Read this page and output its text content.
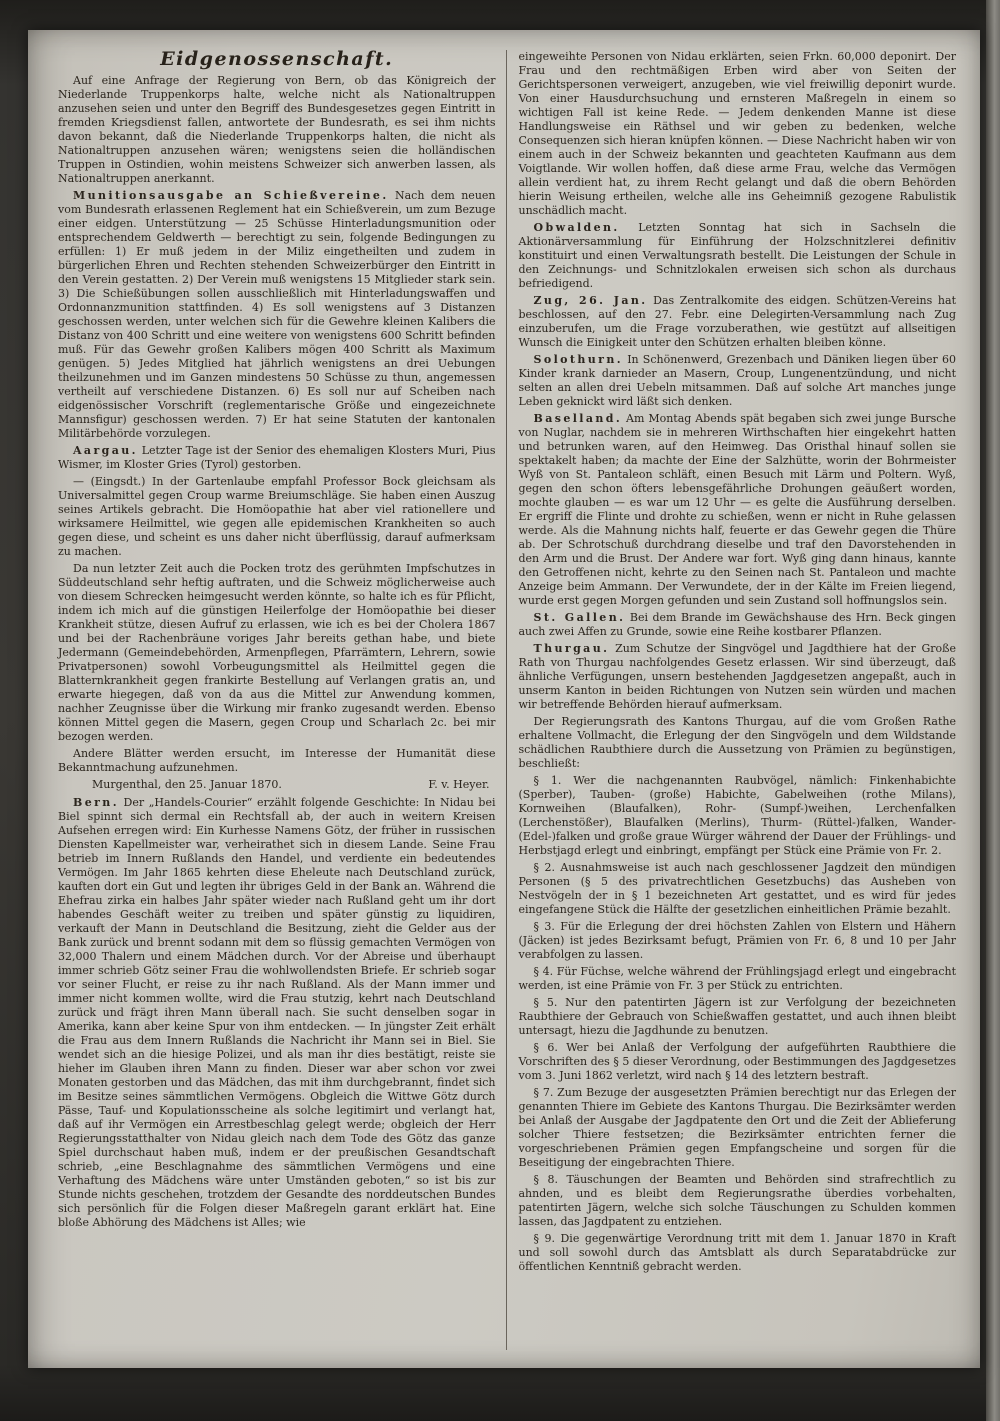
Eidgenossenschaft.

Auf eine Anfrage der Regierung von Bern, ob das Königreich der Niederlande Truppenkorps halte, welche nicht als Nationaltruppen anzusehen seien und unter den Begriff des Bundesgesetzes gegen Eintritt in fremden Kriegsdienst fallen, antwortete der Bundesrath, es sei ihm nichts davon bekannt, daß die Niederlande Truppenkorps halten, die nicht als Nationaltruppen anzusehen wären; wenigstens seien die holländischen Truppen in Ostindien, wohin meistens Schweizer sich anwerben lassen, als Nationaltruppen anerkannt.

Munitionsausgabe an Schießvereine. Nach dem neuen vom Bundesrath erlassenen Reglement hat ein Schießverein, um zum Bezuge einer eidgen. Unterstützung — 25 Schüsse Hinterladungsmunition oder entsprechendem Geldwerth — berechtigt zu sein, folgende Bedingungen zu erfüllen: 1) Er muß jedem in der Miliz eingetheilten und zudem in bürgerlichen Ehren und Rechten stehenden Schweizerbürger den Eintritt in den Verein gestatten. 2) Der Verein muß wenigstens 15 Mitglieder stark sein. 3) Die Schießübungen sollen ausschließlich mit Hinterladungswaffen und Ordonnanzmunition stattfinden. 4) Es soll wenigstens auf 3 Distanzen geschossen werden, unter welchen sich für die Gewehre kleinen Kalibers die Distanz von 400 Schritt und eine weitere von wenigstens 600 Schritt befinden muß. Für das Gewehr großen Kalibers mögen 400 Schritt als Maximum genügen. 5) Jedes Mitglied hat jährlich wenigstens an drei Uebungen theilzunehmen und im Ganzen mindestens 50 Schüsse zu thun, angemessen vertheilt auf verschiedene Distanzen. 6) Es soll nur auf Scheiben nach eidgenössischer Vorschrift (reglementarische Größe und eingezeichnete Mannsfigur) geschossen werden. 7) Er hat seine Statuten der kantonalen Militärbehörde vorzulegen.

Aargau. Letzter Tage ist der Senior des ehemaligen Klosters Muri, Pius Wismer, im Kloster Gries (Tyrol) gestorben.

— (Eingsdt.) In der Gartenlaube empfahl Professor Bock gleichsam als Universalmittel gegen Croup warme Breiumschläge. Sie haben einen Auszug seines Artikels gebracht. Die Homöopathie hat aber viel rationellere und wirksamere Heilmittel, wie gegen alle epidemischen Krankheiten so auch gegen diese, und scheint es uns daher nicht überflüssig, darauf aufmerksam zu machen.

Da nun letzter Zeit auch die Pocken trotz des gerühmten Impfschutzes in Süddeutschland sehr heftig auftraten, und die Schweiz möglicherweise auch von diesem Schrecken heimgesucht werden könnte, so halte ich es für Pflicht, indem ich mich auf die günstigen Heilerfolge der Homöopathie bei dieser Krankheit stütze, diesen Aufruf zu erlassen, wie ich es bei der Cholera 1867 und bei der Rachenbräune voriges Jahr bereits gethan habe, und biete Jedermann (Gemeindebehörden, Armenpflegen, Pfarrämtern, Lehrern, sowie Privatpersonen) sowohl Vorbeugungsmittel als Heilmittel gegen die Blatternkrankheit gegen frankirte Bestellung auf Verlangen gratis an, und erwarte hiegegen, daß von da aus die Mittel zur Anwendung kommen, nachher Zeugnisse über die Wirkung mir franko zugesandt werden. Ebenso können Mittel gegen die Masern, gegen Croup und Scharlach 2c. bei mir bezogen werden.

Andere Blätter werden ersucht, im Interesse der Humanität diese Bekanntmachung aufzunehmen.

Murgenthal, den 25. Januar 1870.	F. v. Heyer.

Bern. Der „Handels-Courier“ erzählt folgende Geschichte: In Nidau bei Biel spinnt sich dermal ein Rechtsfall ab, der auch in weitern Kreisen Aufsehen erregen wird: Ein Kurhesse Namens Götz, der früher in russischen Diensten Kapellmeister war, verheirathet sich in diesem Lande. Seine Frau betrieb im Innern Rußlands den Handel, und verdiente ein bedeutendes Vermögen. Im Jahr 1865 kehrten diese Eheleute nach Deutschland zurück, kauften dort ein Gut und legten ihr übriges Geld in der Bank an. Während die Ehefrau zirka ein halbes Jahr später wieder nach Rußland geht um ihr dort habendes Geschäft weiter zu treiben und später günstig zu liquidiren, verkauft der Mann in Deutschland die Besitzung, zieht die Gelder aus der Bank zurück und brennt sodann mit dem so flüssig gemachten Vermögen von 32,000 Thalern und einem Mädchen durch. Vor der Abreise und überhaupt immer schrieb Götz seiner Frau die wohlwollendsten Briefe. Er schrieb sogar vor seiner Flucht, er reise zu ihr nach Rußland. Als der Mann immer und immer nicht kommen wollte, wird die Frau stutzig, kehrt nach Deutschland zurück und frägt ihren Mann überall nach. Sie sucht denselben sogar in Amerika, kann aber keine Spur von ihm entdecken. — In jüngster Zeit erhält die Frau aus dem Innern Rußlands die Nachricht ihr Mann sei in Biel. Sie wendet sich an die hiesige Polizei, und als man ihr dies bestätigt, reiste sie hieher im Glauben ihren Mann zu finden. Dieser war aber schon vor zwei Monaten gestorben und das Mädchen, das mit ihm durchgebrannt, findet sich im Besitze seines sämmtlichen Vermögens. Obgleich die Wittwe Götz durch Pässe, Tauf- und Kopulationsscheine als solche legitimirt und verlangt hat, daß auf ihr Vermögen ein Arrestbeschlag gelegt werde; obgleich der Herr Regierungsstatthalter von Nidau gleich nach dem Tode des Götz das ganze Spiel durchschaut haben muß, indem er der preußischen Gesandtschaft schrieb, „eine Beschlagnahme des sämmtlichen Vermögens und eine Verhaftung des Mädchens wäre unter Umständen geboten,“ so ist bis zur Stunde nichts geschehen, trotzdem der Gesandte des norddeutschen Bundes sich persönlich für die Folgen dieser Maßregeln garant erklärt hat. Eine bloße Abhörung des Mädchens ist Alles; wie

eingeweihte Personen von Nidau erklärten, seien Frkn. 60,000 deponirt. Der Frau und den rechtmäßigen Erben wird aber von Seiten der Gerichtspersonen verweigert, anzugeben, wie viel freiwillig deponirt wurde. Von einer Hausdurchsuchung und ernsteren Maßregeln in einem so wichtigen Fall ist keine Rede. — Jedem denkenden Manne ist diese Handlungsweise ein Räthsel und wir geben zu bedenken, welche Consequenzen sich hieran knüpfen können. — Diese Nachricht haben wir von einem auch in der Schweiz bekannten und geachteten Kaufmann aus dem Voigtlande. Wir wollen hoffen, daß diese arme Frau, welche das Vermögen allein verdient hat, zu ihrem Recht gelangt und daß die obern Behörden hierin Weisung ertheilen, welche alle ins Geheimniß gezogene Rabulistik unschädlich macht.

Obwalden. Letzten Sonntag hat sich in Sachseln die Aktionärversammlung für Einführung der Holzschnitzlerei definitiv konstituirt und einen Verwaltungsrath bestellt. Die Leistungen der Schule in den Zeichnungs- und Schnitzlokalen erweisen sich schon als durchaus befriedigend.

Zug, 26. Jan. Das Zentralkomite des eidgen. Schützen-Vereins hat beschlossen, auf den 27. Febr. eine Delegirten-Versammlung nach Zug einzuberufen, um die Frage vorzuberathen, wie gestützt auf allseitigen Wunsch die Einigkeit unter den Schützen erhalten bleiben könne.

Solothurn. In Schönenwerd, Grezenbach und Däniken liegen über 60 Kinder krank darnieder an Masern, Croup, Lungenentzündung, und nicht selten an allen drei Uebeln mitsammen. Daß auf solche Art manches junge Leben geknickt wird läßt sich denken.

Baselland. Am Montag Abends spät begaben sich zwei junge Bursche von Nuglar, nachdem sie in mehreren Wirthschaften hier eingekehrt hatten und betrunken waren, auf den Heimweg. Das Oristhal hinauf sollen sie spektakelt haben; da machte der Eine der Salzhütte, worin der Bohrmeister Wyß von St. Pantaleon schläft, einen Besuch mit Lärm und Poltern. Wyß, gegen den schon öfters lebensgefährliche Drohungen geäußert worden, mochte glauben — es war um 12 Uhr — es gelte die Ausführung derselben. Er ergriff die Flinte und drohte zu schießen, wenn er nicht in Ruhe gelassen werde. Als die Mahnung nichts half, feuerte er das Gewehr gegen die Thüre ab. Der Schrotschuß durchdrang dieselbe und traf den Davorstehenden in den Arm und die Brust. Der Andere war fort. Wyß ging dann hinaus, kannte den Getroffenen nicht, kehrte zu den Seinen nach St. Pantaleon und machte Anzeige beim Ammann. Der Verwundete, der in der Kälte im Freien liegend, wurde erst gegen Morgen gefunden und sein Zustand soll hoffnungslos sein.

St. Gallen. Bei dem Brande im Gewächshause des Hrn. Beck gingen auch zwei Affen zu Grunde, sowie eine Reihe kostbarer Pflanzen.

Thurgau. Zum Schutze der Singvögel und Jagdthiere hat der Große Rath von Thurgau nachfolgendes Gesetz erlassen. Wir sind überzeugt, daß ähnliche Verfügungen, unsern bestehenden Jagdgesetzen angepaßt, auch in unserm Kanton in beiden Richtungen von Nutzen sein würden und machen wir betreffende Behörden hierauf aufmerksam.

Der Regierungsrath des Kantons Thurgau, auf die vom Großen Rathe erhaltene Vollmacht, die Erlegung der den Singvögeln und dem Wildstande schädlichen Raubthiere durch die Aussetzung von Prämien zu begünstigen, beschließt:

§ 1. Wer die nachgenannten Raubvögel, nämlich: Finkenhabichte (Sperber), Tauben- (große) Habichte, Gabelweihen (rothe Milans), Kornweihen (Blaufalken), Rohr- (Sumpf-)weihen, Lerchenfalken (Lerchenstößer), Blaufalken (Merlins), Thurm- (Rüttel-)falken, Wander- (Edel-)falken und große graue Würger während der Dauer der Frühlings- und Herbstjagd erlegt und einbringt, empfängt per Stück eine Prämie von Fr. 2.

§ 2. Ausnahmsweise ist auch nach geschlossener Jagdzeit den mündigen Personen (§ 5 des privatrechtlichen Gesetzbuchs) das Ausheben von Nestvögeln der in § 1 bezeichneten Art gestattet, und es wird für jedes eingefangene Stück die Hälfte der gesetzlichen einheitlichen Prämie bezahlt.

§ 3. Für die Erlegung der drei höchsten Zahlen von Elstern und Hähern (Jäcken) ist jedes Bezirksamt befugt, Prämien von Fr. 6, 8 und 10 per Jahr verabfolgen zu lassen.

§ 4. Für Füchse, welche während der Frühlingsjagd erlegt und eingebracht werden, ist eine Prämie von Fr. 3 per Stück zu entrichten.

§ 5. Nur den patentirten Jägern ist zur Verfolgung der bezeichneten Raubthiere der Gebrauch von Schießwaffen gestattet, und auch ihnen bleibt untersagt, hiezu die Jagdhunde zu benutzen.

§ 6. Wer bei Anlaß der Verfolgung der aufgeführten Raubthiere die Vorschriften des § 5 dieser Verordnung, oder Bestimmungen des Jagdgesetzes vom 3. Juni 1862 verletzt, wird nach § 14 des letztern bestraft.

§ 7. Zum Bezuge der ausgesetzten Prämien berechtigt nur das Erlegen der genannten Thiere im Gebiete des Kantons Thurgau. Die Bezirksämter werden bei Anlaß der Ausgabe der Jagdpatente den Ort und die Zeit der Ablieferung solcher Thiere festsetzen; die Bezirksämter entrichten ferner die vorgeschriebenen Prämien gegen Empfangscheine und sorgen für die Beseitigung der eingebrachten Thiere.

§ 8. Täuschungen der Beamten und Behörden sind strafrechtlich zu ahnden, und es bleibt dem Regierungsrathe überdies vorbehalten, patentirten Jägern, welche sich solche Täuschungen zu Schulden kommen lassen, das Jagdpatent zu entziehen.

§ 9. Die gegenwärtige Verordnung tritt mit dem 1. Januar 1870 in Kraft und soll sowohl durch das Amtsblatt als durch Separatabdrücke zur öffentlichen Kenntniß gebracht werden.
